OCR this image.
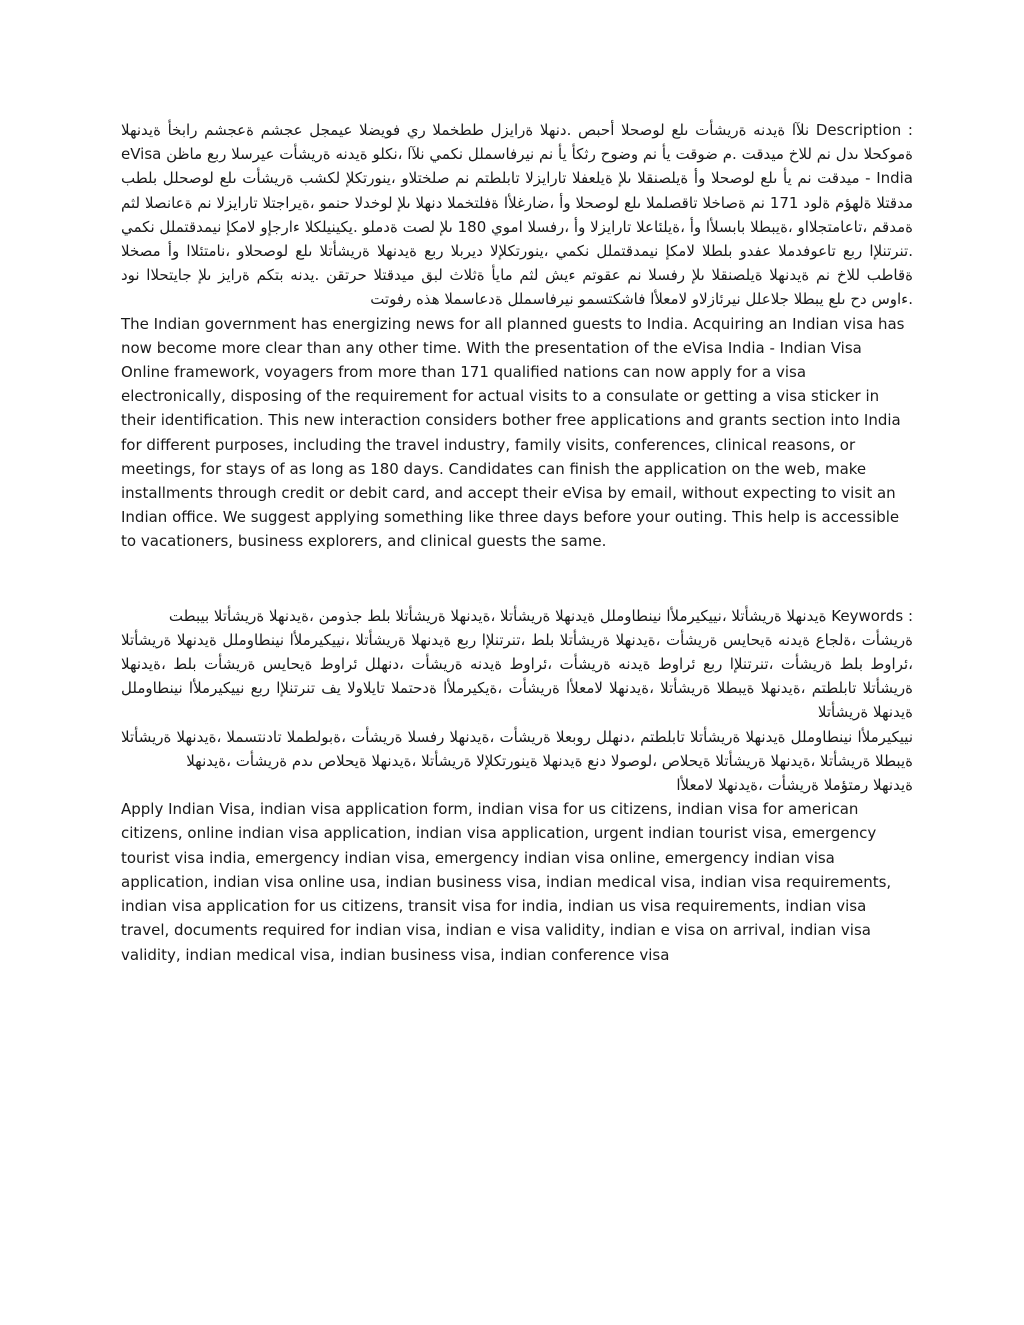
Description : نلآا ةيدنه ةريشأت ىلع لوصحلا أحبص .دنهلا ةرايزل ططخملا ري فويضلا عيمجل عجشم ةعجشم رابخأ ةيدنهلا ةموكحلا ىدل نم للاخ ميدقت .م ضوقت يأ نم وضوح رثكأ يأ نم نيرفاسملل نكمي نلآا ،نكلو ةيدنه ةريشأت عيرسلا ربع ماظن eVisa India - ميدقت نم يأ ىلع لوصحلا وأ ةيلصنقلا ىلإ ةيلعفلا تارايزلا تابلطتم نم صلختلاو ،ينورتكلإ لكشب ةريشأت ىلع لوصحلل بلطب مدقتلا ةلهؤم ةلود 171 نم ةصاخلا تاقصلملا ىلع لوصحلا وأ ،ضارغلأا ةفلتخملا دنهلا ىلإ لوخدلا حنمو ،ةيراجتلا تارايزلا نم ةعانصلا لثم ةمدقم ،تاعامتجلااو ،ةيبطلا بابسلأا وأ ،ةيلئاعلا تارايزلا وأ ،رفسلا اموي 180 ىلإ لصت ةدملو .يكينيلكلا ءارجإو لامكإ نيمدقتملل نكمي .تنرتنلإا ربع تاعوفدملا عفدو بلطلا لامكإ نيمدقتملل نكمي ،ينورتكلإلا ديربلا ربع ةيدنهلا ةريشأتلا ىلع لوصحلاو ،نامتئلاا وأ مصخلا ةقاطب للاخ نم ةيدنهلا ةيلصنقلا ىلإ رفسلا نم عقوتم ءيش لثم مايأ ةثلاث لبق ميدقتلا حرتقن .يدنه بتكم ةرايز ىلإ جايتحلاا نود .ءاوس دح ىلع يبطلا جلاعلل نيرئازلاو لامعلأا فاشكتسمو نيرفاسملل ةدعاسملا هذه رفوتت

The Indian government has energizing news for all planned guests to India. Acquiring an Indian visa has now become more clear than any other time. With the presentation of the eVisa India - Indian Visa Online framework, voyagers from more than 171 qualified nations can now apply for a visa electronically, disposing of the requirement for actual visits to a consulate or getting a visa sticker in their identification. This new interaction considers bother free applications and grants section into India for different purposes, including the travel industry, family visits, conferences, clinical reasons, or meetings, for stays of as long as 180 days. Candidates can finish the application on the web, make installments through credit or debit card, and accept their eVisa by email, without expecting to visit an Indian office. We suggest applying something like three days before your outing. This help is accessible to vacationers, business explorers, and clinical guests the same.

Keywords : ةيدنهلا ةريشأتلا ،نييكيرملأا نينطاوملل ةيدنهلا ةريشأتلا ،ةيدنهلا ةريشأتلا بلط جذومن ،ةيدنهلا ةريشأتلا بيبطت

ةريشأت ،ةلجاع ةيدنه ةيحايس ةريشأت ،ةيدنهلا ةريشأتلا بلط ،تنرتنلإا ربع ةيدنهلا ةريشأتلا ،نييكيرملأا نينطاوملل ةيدنهلا ةريشأتلا ،ئراوط بلط ةريشأت ،تنرتنلإا ربع ئراوط ةيدنه ةريشأت ،ئراوط ةيدنه ةريشأت ،دنهلل ئراوط ةيحايس ةريشأت بلط ،ةيدنهلا ةريشأتلا تابلطتم ،ةيدنهلا ةيبطلا ةريشأتلا ،ةيدنهلا لامعلأا ةريشأت ،ةيكيرملأا ةدحتملا تايلاولا يف تنرتنلإا ربع نييكيرملأا نينطاوملل ةيدنهلا ةريشأتلا

نييكيرملأا نينطاوملل ةيدنهلا ةريشأتلا تابلطتم ،دنهلل روبعلا ةريشأت ،ةيدنهلا رفسلا ةريشأت ،ةبولطملا تادنتسملا ،ةيدنهلا ةريشأتلا ةيبطلا ةريشأتلا ،ةيدنهلا ةريشأتلا ةيحلاص ،لوصولا دنع ةيدنهلا ةينورتكلإلا ةريشأتلا ،ةيدنهلا ةيحلاص ىدم ةريشأت ،ةيدنهلا

ةيدنهلا رمتؤملا ةريشأت ،ةيدنهلا لامعلأا

Apply Indian Visa, indian visa application form, indian visa for us citizens, indian visa for american citizens, online indian visa application, indian visa application, urgent indian tourist visa, emergency tourist visa india, emergency indian visa, emergency indian visa online, emergency indian visa application, indian visa online usa, indian business visa, indian medical visa, indian visa requirements, indian visa application for us citizens, transit visa for india, indian us visa requirements, indian visa travel, documents required for indian visa, indian e visa validity, indian e visa on arrival, indian visa validity, indian medical visa, indian business visa, indian conference visa
